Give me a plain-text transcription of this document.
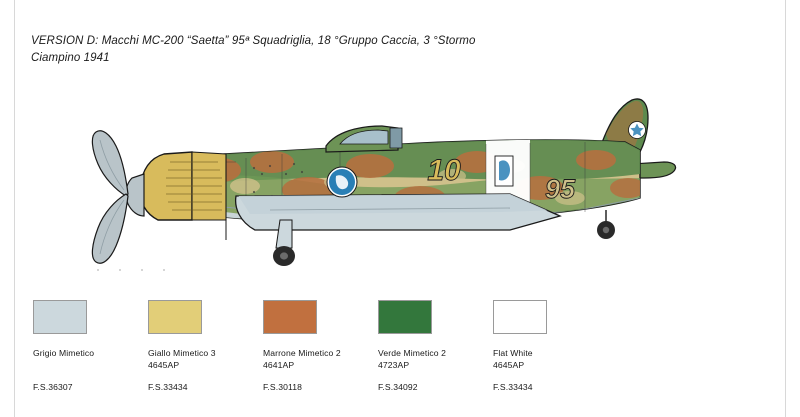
VERSION D: Macchi MC-200 “Saetta” 95ª Squadriglia, 18 °Gruppo Caccia, 3 °Stormo
Ciampino 1941
10
95
Grigio Mimetico
F.S.36307
Giallo Mimetico 3
4645AP
F.S.33434
Marrone Mimetico 2
4641AP
F.S.30118
Verde Mimetico 2
4723AP
F.S.34092
Flat White
4645AP
F.S.33434
